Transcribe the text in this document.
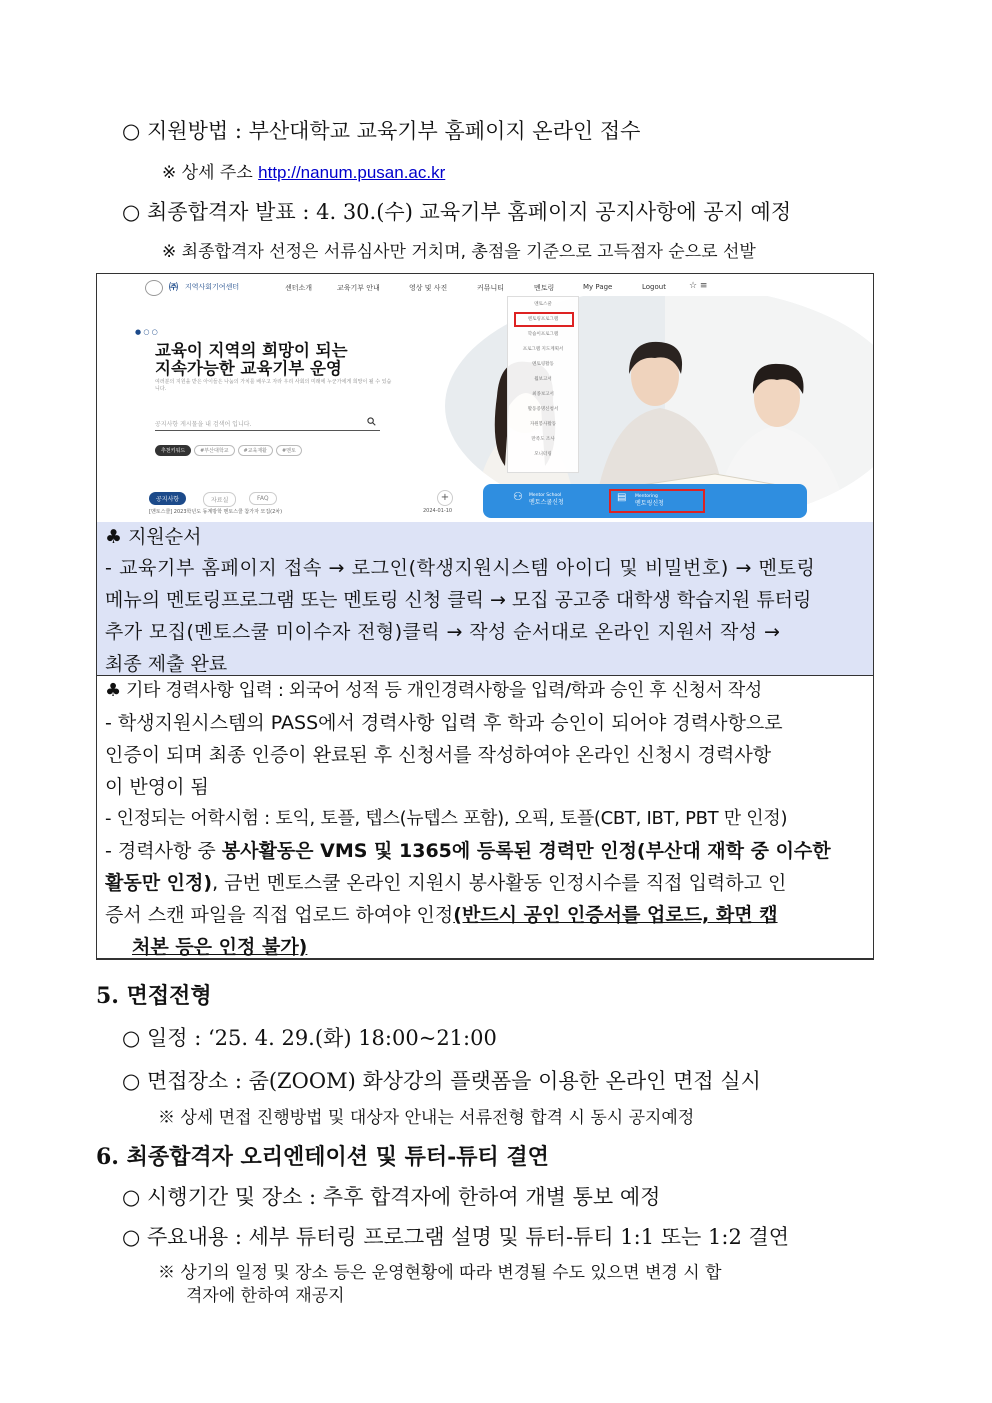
○ 지원방법 : 부산대학교 교육기부 홈페이지 온라인 접수
※ 상세 주소 http://nanum.pusan.ac.kr
○ 최종합격자 발표 : 4. 30.(수) 교육기부 홈페이지 공지사항에 공지 예정
※ 최종합격자 선정은 서류심사만 거치며, 총점을 기준으로 고득점자 순으로 선발
㈜ 지역사회기여센터	센터소개	교육기부 안내	영상 및 사진	커뮤니티	멘토링	My Page	Logout	☆ ≡
● ○ ○
교육이 지역의 희망이 되는
지속가능한 교육기부 운영
여러분의 지원을 받은 아이들은 나눔의 가치를 배우고 자라 우리 사회의 미래에 누군가에게 희망이 될 수 있습니다.
공지사항 게시물을 내 검색어 입니다.
추천키워드	#부산대학교	#교육재활	#멘토
멘토스쿨
멘토링프로그램
학습이프로그램
프로그램 지도계획서
멘토링활동
월보고서
최종보고서
활동증명신청서
자원봉사활동
만족도 조사
모니터링
공지사항	자료실	FAQ	+
[멘토스쿨] 2023학년도 동계방학 멘토스쿨 참가자 모집(2차)	2024-01-10
⚇	Mentor School
멘토스쿨신청	▤	Mentoring
멘토링신청
♣ 지원순서
- 교육기부 홈페이지 접속 → 로그인(학생지원시스템 아이디 및 비밀번호) → 멘토링
메뉴의 멘토링프로그램 또는 멘토링 신청 클릭 → 모집 공고중 대학생 학습지원 튜터링
추가 모집(멘토스쿨 미이수자 전형)클릭 → 작성 순서대로 온라인 지원서 작성 →
최종 제출 완료
♣ 기타 경력사항 입력 : 외국어 성적 등 개인경력사항을 입력/학과 승인 후 신청서 작성
- 학생지원시스템의 PASS에서 경력사항 입력 후 학과 승인이 되어야 경력사항으로
인증이 되며 최종 인증이 완료된 후 신청서를 작성하여야 온라인 신청시 경력사항
이 반영이 됨
- 인정되는 어학시험 : 토익, 토플, 텝스(뉴텝스 포함), 오픽, 토플(CBT, IBT, PBT 만 인정)
- 경력사항 중 봉사활동은 VMS 및 1365에 등록된 경력만 인정(부산대 재학 중 이수한
활동만 인정), 금번 멘토스쿨 온라인 지원시 봉사활동 인정시수를 직접 입력하고 인
증서 스캔 파일을 직접 업로드 하여야 인정(반드시 공인 인증서를 업로드, 화면 캡
처본 등은 인정 불가)
5. 면접전형
○ 일정 : ‘25. 4. 29.(화) 18:00~21:00
○ 면접장소 : 줌(ZOOM) 화상강의 플랫폼을 이용한 온라인 면접 실시
※ 상세 면접 진행방법 및 대상자 안내는 서류전형 합격 시 동시 공지예정
6. 최종합격자 오리엔테이션 및 튜터-튜티 결연
○ 시행기간 및 장소 : 추후 합격자에 한하여 개별 통보 예정
○ 주요내용 : 세부 튜터링 프로그램 설명 및 튜터-튜티 1:1 또는 1:2 결연
※ 상기의 일정 및 장소 등은 운영현황에 따라 변경될 수도 있으면 변경 시 합
격자에 한하여 재공지
